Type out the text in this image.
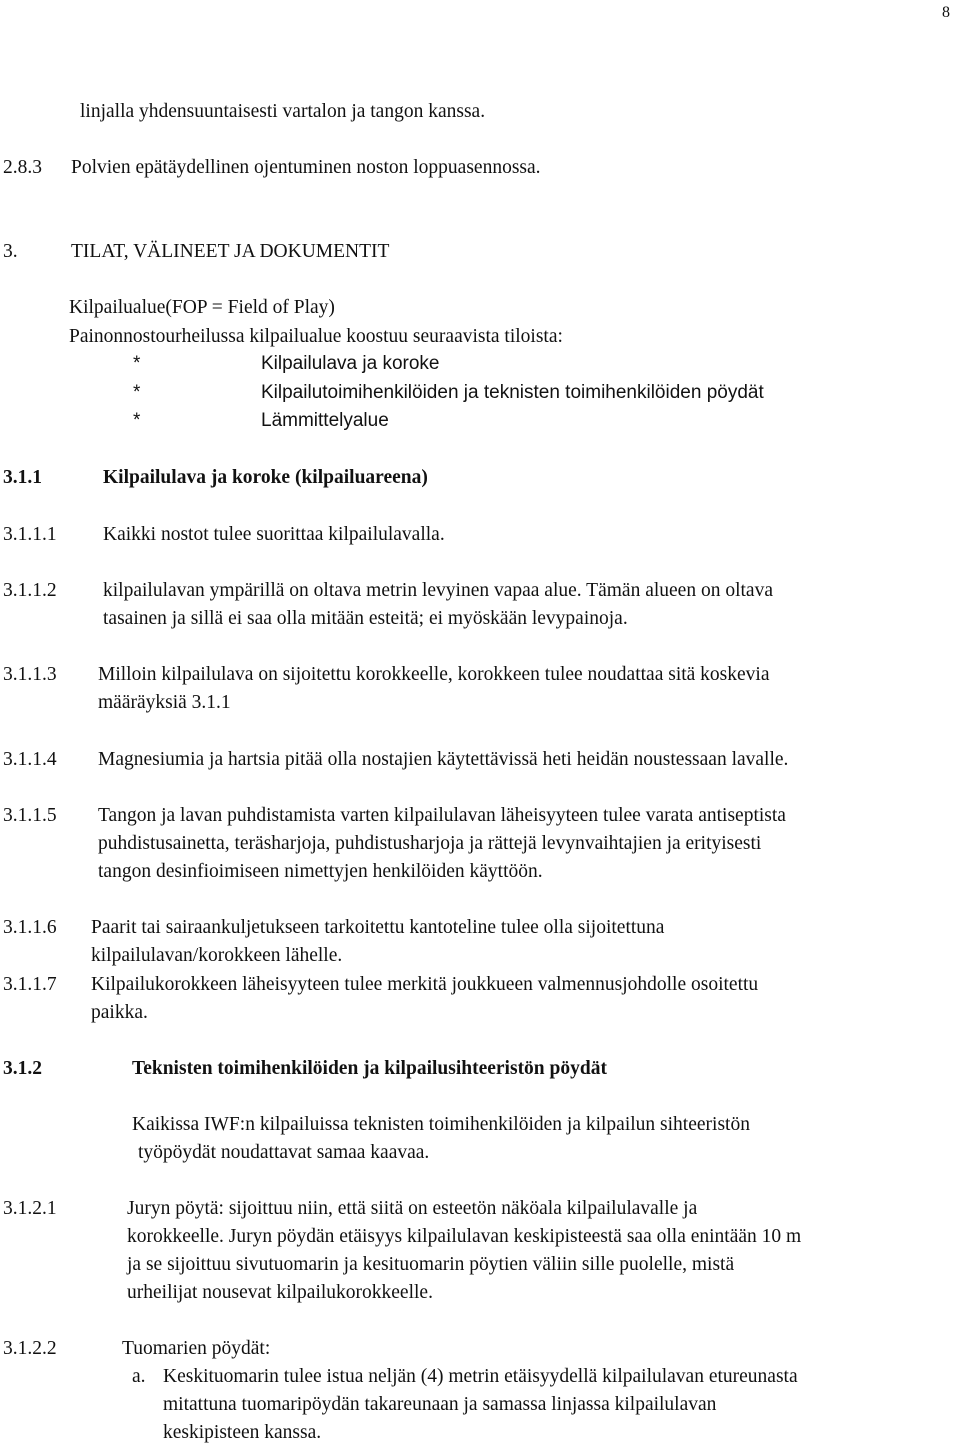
8
linjalla yhdensuuntaisesti vartalon ja tangon kanssa.
2.8.3 Polvien epätäydellinen ojentuminen noston loppuasennossa.
3.	TILAT, VÄLINEET JA DOKUMENTIT
Kilpailualue(FOP = Field of Play)
Painonnostourheilussa kilpailualue koostuu seuraavista tiloista:
*	Kilpailulava ja koroke
*	Kilpailutoimihenkilöiden ja teknisten toimihenkilöiden pöydät
*	Lämmittelyalue
3.1.1	Kilpailulava ja koroke (kilpailuareena)
3.1.1.1 Kaikki nostot tulee suorittaa kilpailulavalla.
3.1.1.2 kilpailulavan ympärillä on oltava metrin levyinen vapaa alue. Tämän alueen on oltava
tasainen ja sillä ei saa olla mitään esteitä; ei myöskään levypainoja.
3.1.1.3 Milloin kilpailulava on sijoitettu korokkeelle, korokkeen tulee noudattaa sitä koskevia
määräyksiä 3.1.1
3.1.1.4 Magnesiumia ja hartsia pitää olla nostajien käytettävissä heti heidän noustessaan lavalle.
3.1.1.5 Tangon ja lavan puhdistamista varten kilpailulavan läheisyyteen tulee varata antiseptista
puhdistusainetta, teräsharjoja, puhdistusharjoja ja rättejä levynvaihtajien ja erityisesti
tangon desinfioimiseen nimettyjen henkilöiden käyttöön.
3.1.1.6 Paarit tai sairaankuljetukseen tarkoitettu kantoteline tulee olla sijoitettuna
kilpailulavan/korokkeen lähelle.
3.1.1.7 Kilpailukorokkeen läheisyyteen tulee merkitä joukkueen valmennusjohdolle osoitettu
paikka.
3.1.2	Teknisten toimihenkilöiden ja kilpailusihteeristön pöydät
Kaikissa IWF:n kilpailuissa teknisten toimihenkilöiden ja kilpailun sihteeristön
työpöydät noudattavat samaa kaavaa.
3.1.2.1	Juryn pöytä: sijoittuu niin, että siitä on esteetön näköala kilpailulavalle ja
korokkeelle. Juryn pöydän etäisyys kilpailulavan keskipisteestä saa olla enintään 10 m
ja se sijoittuu sivutuomarin ja kesituomarin pöytien väliin sille puolelle, mistä
urheilijat nousevat kilpailukorokkeelle.
3.1.2.2	Tuomarien pöydät:
a. Keskituomarin tulee istua neljän (4) metrin etäisyydellä kilpailulavan etureunasta
mitattuna tuomaripöydän takareunaan ja samassa linjassa kilpailulavan
keskipisteen kanssa.
